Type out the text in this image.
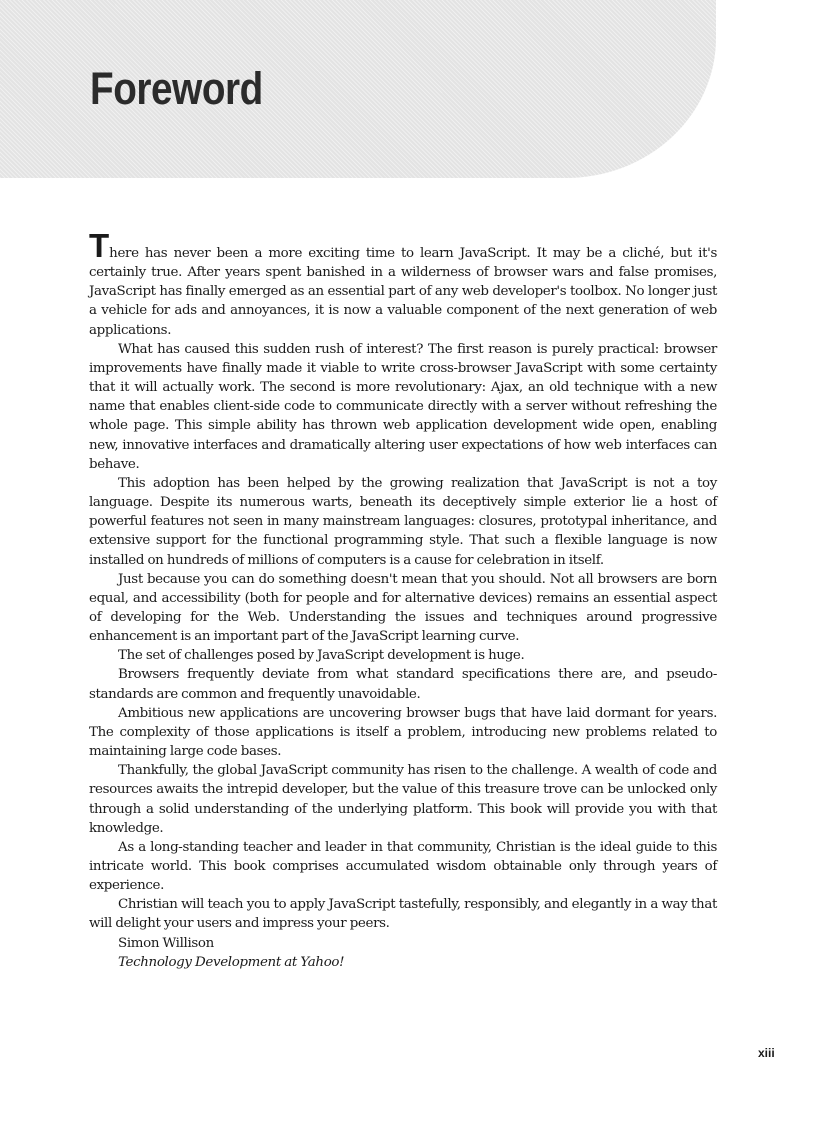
Foreword

There has never been a more exciting time to learn JavaScript. It may be a cliché, but it's certainly true. After years spent banished in a wilderness of browser wars and false promises, JavaScript has finally emerged as an essential part of any web developer's toolbox. No longer just a vehicle for ads and annoyances, it is now a valuable component of the next generation of web applications.

What has caused this sudden rush of interest? The first reason is purely practical: browser improvements have finally made it viable to write cross-browser JavaScript with some certainty that it will actually work. The second is more revolutionary: Ajax, an old technique with a new name that enables client-side code to communicate directly with a server without refreshing the whole page. This simple ability has thrown web application development wide open, enabling new, innovative interfaces and dramatically altering user expectations of how web interfaces can behave.

This adoption has been helped by the growing realization that JavaScript is not a toy language. Despite its numerous warts, beneath its deceptively simple exterior lie a host of powerful features not seen in many mainstream languages: closures, prototypal inheritance, and extensive support for the functional programming style. That such a flexible language is now installed on hundreds of millions of computers is a cause for celebration in itself.

Just because you can do something doesn't mean that you should. Not all browsers are born equal, and accessibility (both for people and for alternative devices) remains an essential aspect of developing for the Web. Understanding the issues and techniques around progressive enhancement is an important part of the JavaScript learning curve.

The set of challenges posed by JavaScript development is huge.

Browsers frequently deviate from what standard specifications there are, and pseudo-standards are common and frequently unavoidable.

Ambitious new applications are uncovering browser bugs that have laid dormant for years. The complexity of those applications is itself a problem, introducing new problems related to maintaining large code bases.

Thankfully, the global JavaScript community has risen to the challenge. A wealth of code and resources awaits the intrepid developer, but the value of this treasure trove can be unlocked only through a solid understanding of the underlying platform. This book will provide you with that knowledge.

As a long-standing teacher and leader in that community, Christian is the ideal guide to this intricate world. This book comprises accumulated wisdom obtainable only through years of experience.

Christian will teach you to apply JavaScript tastefully, responsibly, and elegantly in a way that will delight your users and impress your peers.

Simon Willison

Technology Development at Yahoo!

xiii
